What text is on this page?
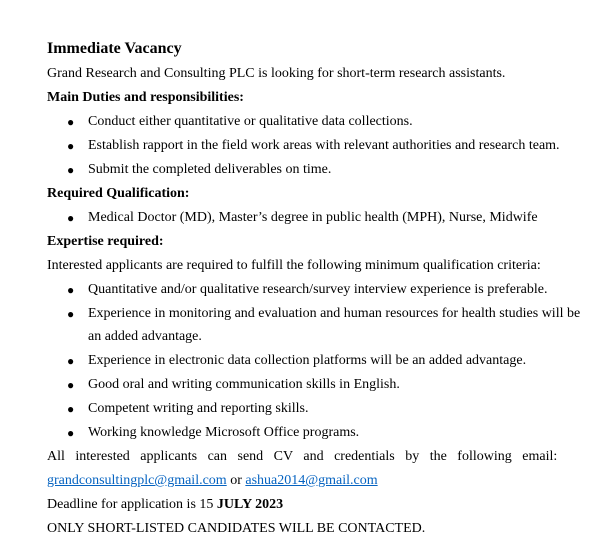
Immediate Vacancy
Grand Research and Consulting PLC is looking for short-term research assistants.
Main Duties and responsibilities:
● Conduct either quantitative or qualitative data collections.
● Establish rapport in the field work areas with relevant authorities and research team.
● Submit the completed deliverables on time.
Required Qualification:
● Medical Doctor (MD), Master’s degree in public health (MPH), Nurse, Midwife
Expertise required:
Interested applicants are required to fulfill the following minimum qualification criteria:
● Quantitative and/or qualitative research/survey interview experience is preferable.
● Experience in monitoring and evaluation and human resources for health studies will be
an added advantage.
● Experience in electronic data collection platforms will be an added advantage.
● Good oral and writing communication skills in English.
● Competent writing and reporting skills.
● Working knowledge Microsoft Office programs.
All   interested   applicants   can   send   CV   and   credentials   by   the   following   email:
grandconsultingplc@gmail.com or ashua2014@gmail.com
Deadline for application is 15 JULY 2023
ONLY SHORT-LISTED CANDIDATES WILL BE CONTACTED.
